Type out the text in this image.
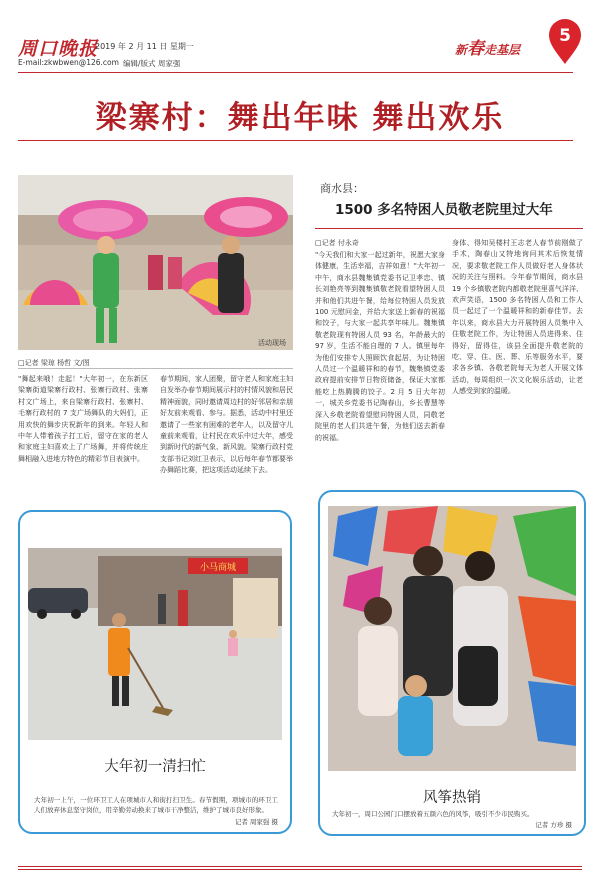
周口晚报
2019 年 2 月 11 日 星期一
E-mail:zkwbwen@126.com 编辑/版式 周家强
新春走基层
5
梁寨村：舞出年味 舞出欢乐
活动现场
□记者 梁琼 杨哲 文/图
"舞起来哦！走起！"大年初一，在东新区梁寨街道梁寨行政村、张寨行政村、张寨村文广场上，来自梁寨行政村、张寨村、毛寨行政村的 7 支广场舞队的大妈们，正用欢快的舞步庆祝新年的到来。年轻人和中年人带着孩子打工后，留守在家的老人和家庭主妇喜欢上了广场舞，并将传统庄舞相融入进地方特色的精彩节目表演中。
春节期间，家人团聚，留守老人和家庭主妇自发举办春节期间展示村的村情风貌和居民精神面貌，同时邀请周边村的好邻居和亲朋好友前来观看、参与。据悉，活动中村里还邀请了一些家有困难的老年人，以及留守儿童前来观看，让村民在欢乐中过大年，感受到新时代的新气象、新风貌。梁寨行政村党支部书记刘红卫表示，以后每年春节都要举办舞蹈比赛，把这项活动延续下去。
商水县：
1500 多名特困人员敬老院里过大年
□记者 付永奇
"今天我们和大家一起过新年，祝愿大家身体健康，生活幸福，吉祥如意！"大年初一中午，商水县魏集镇党委书记卫孝忠、镇长刘艳亮等到魏集镇敬老院看望特困人员并和他们共进午餐，给每位特困人员发放 100 元慰问金，并给大家送上新春的祝福和饺子，与大家一起共享年味儿。魏集镇敬老院现有特困人员 93 名，年龄最大的 97 岁，生活不能自理的 7 人。镇里每年为他们安排专人照顾饮食起居，为让特困人员过一个温暖祥和的春节，魏集镇党委政府提前安排节日物资储备，保证大家都能吃上热腾腾的饺子。2 月 5 日大年初一，城关乡党委书记陶春山，乡长曹慧等深入乡敬老院看望慰问特困人员，同敬老院里的老人们共进午餐，为他们送去新春的祝福。
身体、得知吴楼村王志老人春节前刚做了手术，陶春山又特地询问其术后恢复情况，要求敬老院工作人员做好老人身体状况的关注与照料。今年春节期间，商水县 19 个乡镇敬老院内都敬老院里喜气洋洋、欢声笑语，1500 多名特困人员和工作人员一起过了一个温暖祥和的新春佳节。去年以来，商水县大力开展特困人员集中入住敬老院工作，为让特困人员进得来、住得好，留得住，该县全面提升敬老院的吃、穿、住、医、葬、乐等服务水平，要求各乡镇、各敬老院每天为老人开展文体活动，每周组织一次文化娱乐活动，让老人感受到家的温暖。
小马商城
大年初一清扫忙
大年初一上午，一位环卫工人在项城市人和街打扫卫生。春节假期，项城市的环卫工人们放弃休息坚守岗位，用辛勤劳动换来了城市干净整洁，维护了城市良好形象。
记者 周家强 摄
风筝热销
大年初一，周口公园门口摆放着五颜六色的风筝，吸引不少市民购买。
记者 方珍 摄
